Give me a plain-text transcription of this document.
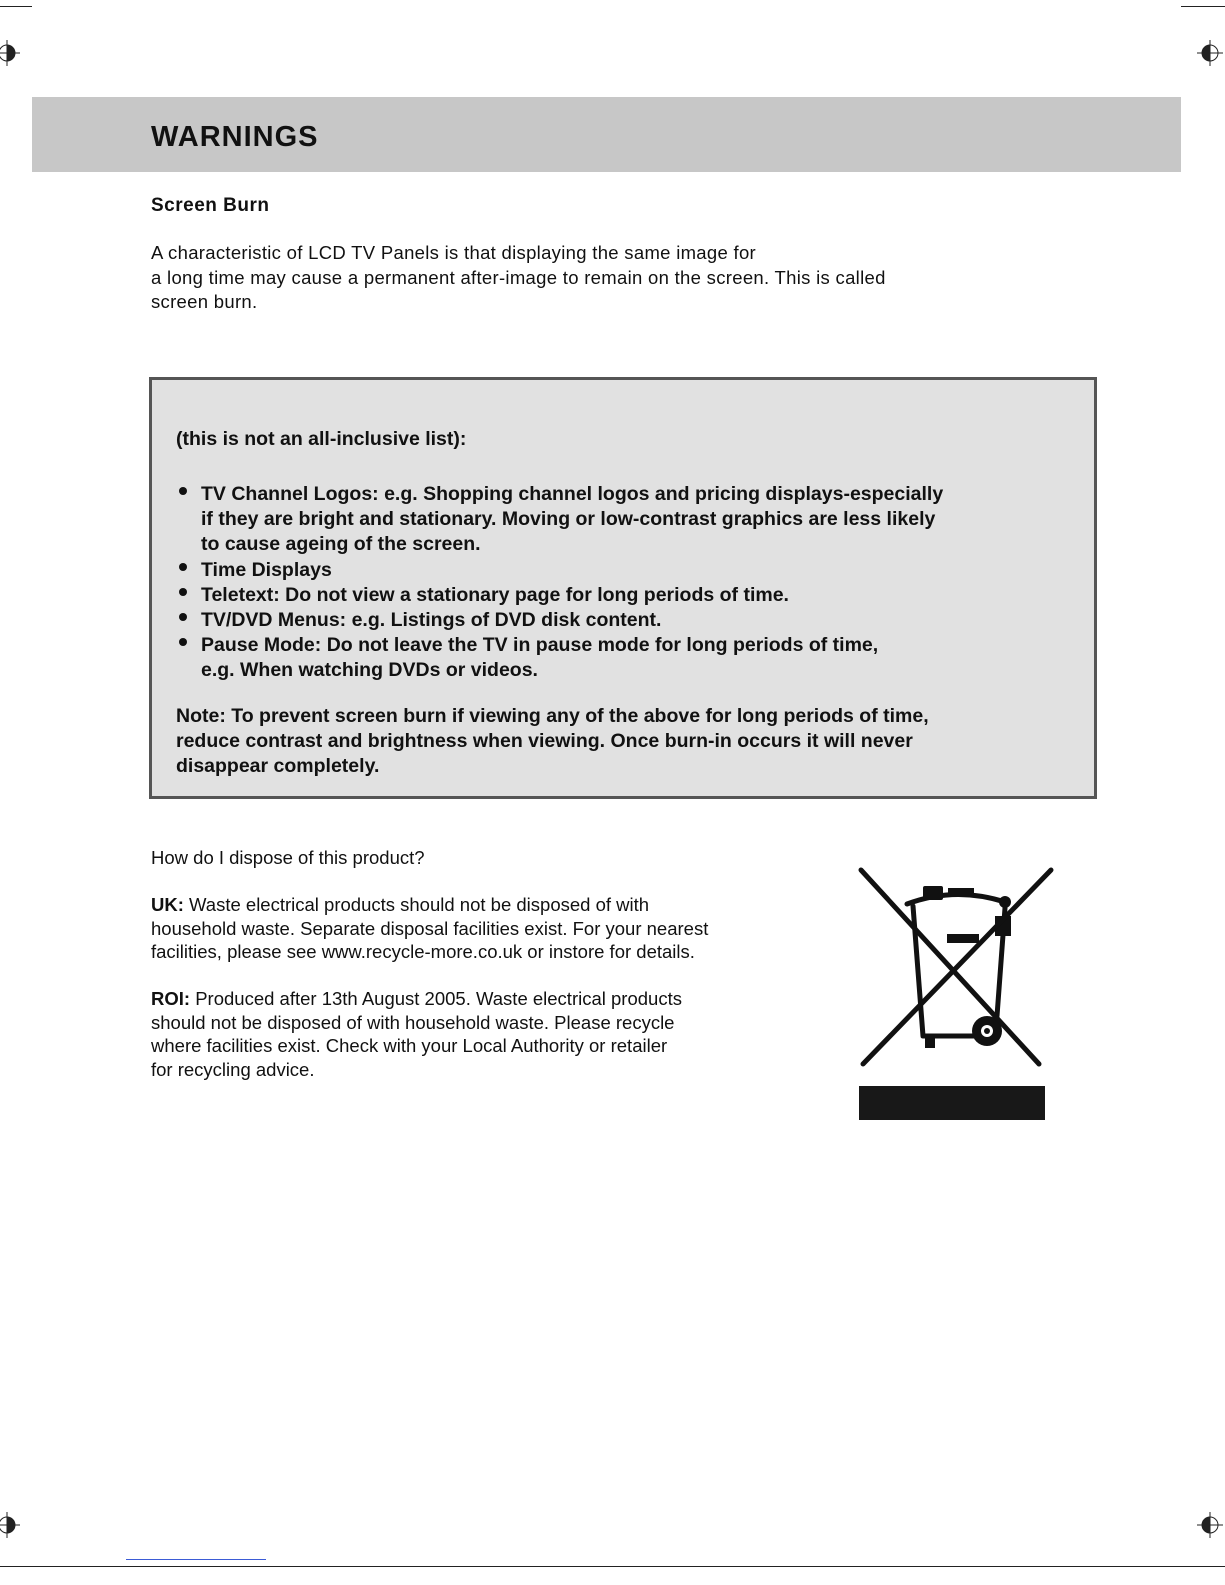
WARNINGS
Screen Burn
A characteristic of LCD TV Panels is that displaying the same image for
a long time may cause a permanent after-image to remain on the screen. This is called
screen burn.
(this is not an all-inclusive list):
TV Channel Logos: e.g. Shopping channel logos and pricing displays-especially
if they are bright and stationary. Moving or low-contrast graphics are less likely
to cause ageing of the screen.
Time Displays
Teletext: Do not view a stationary page for long periods of time.
TV/DVD Menus: e.g. Listings of DVD disk content.
Pause Mode: Do not leave the TV in pause mode for long periods of time,
e.g. When watching DVDs or videos.
Note: To prevent screen burn if viewing any of the above for long periods of time,
reduce contrast and brightness when viewing. Once burn-in occurs it will never
disappear completely.
How do I dispose of this product?
UK: Waste electrical products should not be disposed of with
household waste. Separate disposal facilities exist. For your nearest
facilities, please see www.recycle-more.co.uk or instore for details.
ROI: Produced after 13th August 2005. Waste electrical products
should not be disposed of with household waste. Please recycle
where facilities exist. Check with your Local Authority or retailer
for recycling advice.
